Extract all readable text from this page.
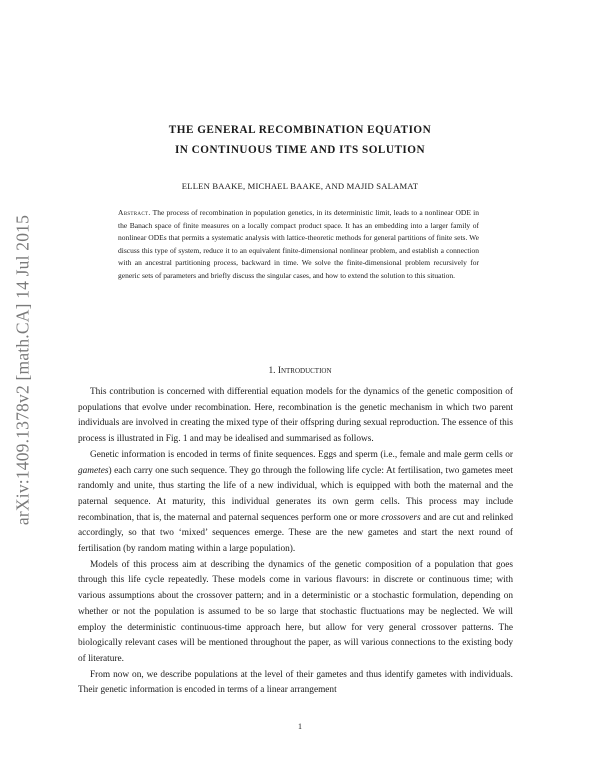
arXiv:1409.1378v2 [math.CA] 14 Jul 2015
THE GENERAL RECOMBINATION EQUATION
IN CONTINUOUS TIME AND ITS SOLUTION
ELLEN BAAKE, MICHAEL BAAKE, AND MAJID SALAMAT

Abstract. The process of recombination in population genetics, in its deterministic limit, leads to a nonlinear ODE in the Banach space of finite measures on a locally compact product space. It has an embedding into a larger family of nonlinear ODEs that permits a systematic analysis with lattice-theoretic methods for general partitions of finite sets. We discuss this type of system, reduce it to an equivalent finite-dimensional nonlinear problem, and establish a connection with an ancestral partitioning process, backward in time. We solve the finite-dimensional problem recursively for generic sets of parameters and briefly discuss the singular cases, and how to extend the solution to this situation.

1. Introduction

This contribution is concerned with differential equation models for the dynamics of the genetic composition of populations that evolve under recombination. Here, recombination is the genetic mechanism in which two parent individuals are involved in creating the mixed type of their offspring during sexual reproduction. The essence of this process is illustrated in Fig. 1 and may be idealised and summarised as follows.

Genetic information is encoded in terms of finite sequences. Eggs and sperm (i.e., female and male germ cells or gametes) each carry one such sequence. They go through the following life cycle: At fertilisation, two gametes meet randomly and unite, thus starting the life of a new individual, which is equipped with both the maternal and the paternal sequence. At maturity, this individual generates its own germ cells. This process may include recombination, that is, the maternal and paternal sequences perform one or more crossovers and are cut and relinked accordingly, so that two ‘mixed’ sequences emerge. These are the new gametes and start the next round of fertilisation (by random mating within a large population).

Models of this process aim at describing the dynamics of the genetic composition of a population that goes through this life cycle repeatedly. These models come in various flavours: in discrete or continuous time; with various assumptions about the crossover pattern; and in a deterministic or a stochastic formulation, depending on whether or not the population is assumed to be so large that stochastic fluctuations may be neglected. We will employ the deterministic continuous-time approach here, but allow for very general crossover patterns. The biologically relevant cases will be mentioned throughout the paper, as will various connections to the existing body of literature.

From now on, we describe populations at the level of their gametes and thus identify gametes with individuals. Their genetic information is encoded in terms of a linear arrangement

1
